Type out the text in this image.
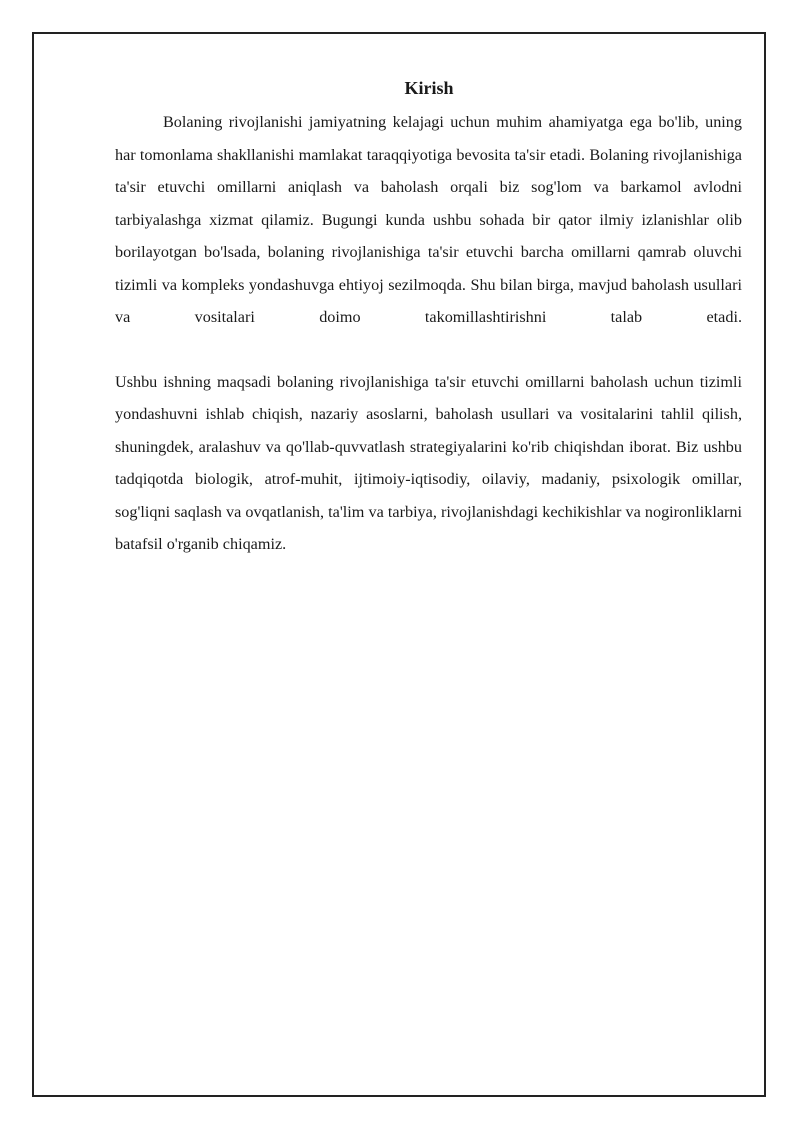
Kirish

Bolaning rivojlanishi jamiyatning kelajagi uchun muhim ahamiyatga ega bo'lib, uning har tomonlama shakllanishi mamlakat taraqqiyotiga bevosita ta'sir etadi. Bolaning rivojlanishiga ta'sir etuvchi omillarni aniqlash va baholash orqali biz sog'lom va barkamol avlodni tarbiyalashga xizmat qilamiz. Bugungi kunda ushbu sohada bir qator ilmiy izlanishlar olib borilayotgan bo'lsada, bolaning rivojlanishiga ta'sir etuvchi barcha omillarni qamrab oluvchi tizimli va kompleks yondashuvga ehtiyoj sezilmoqda. Shu bilan birga, mavjud baholash usullari va vositalari doimo takomillashtirishni talab etadi.

Ushbu ishning maqsadi bolaning rivojlanishiga ta'sir etuvchi omillarni baholash uchun tizimli yondashuvni ishlab chiqish, nazariy asoslarni, baholash usullari va vositalarini tahlil qilish, shuningdek, aralashuv va qo'llab-quvvatlash strategiyalarini ko'rib chiqishdan iborat. Biz ushbu tadqiqotda biologik, atrof-muhit, ijtimoiy-iqtisodiy, oilaviy, madaniy, psixologik omillar, sog'liqni saqlash va ovqatlanish, ta'lim va tarbiya, rivojlanishdagi kechikishlar va nogironliklarni batafsil o'rganib chiqamiz.
